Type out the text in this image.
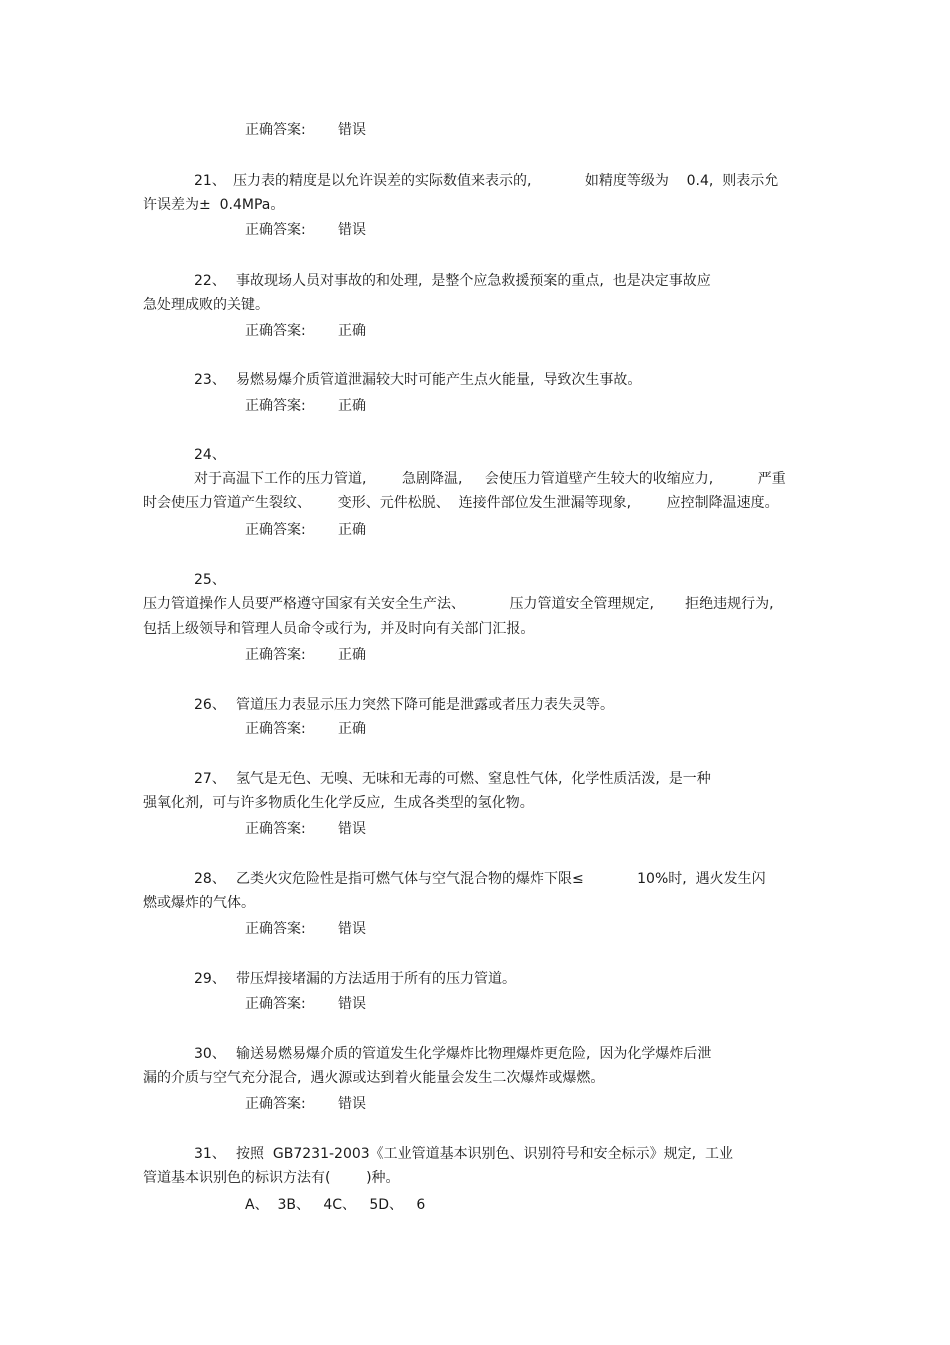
正确答案: 错误
21、 压力表的精度是以允许误差的实际数值来表示的,            如精度等级为    0.4,  则表示允
许误差为±  0.4MPa。
正确答案: 错误
22、 事故现场人员对事故的和处理,  是整个应急救援预案的重点,  也是决定事故应
急处理成败的关键。
正确答案: 正确
23、 易燃易爆介质管道泄漏较大时可能产生点火能量,  导致次生事故。
正确答案: 正确
24、
对于高温下工作的压力管道,        急剧降温,     会使压力管道壁产生较大的收缩应力,          严重
时会使压力管道产生裂纹、      变形、元件松脱、  连接件部位发生泄漏等现象,        应控制降温速度。
正确答案: 正确
25、
压力管道操作人员要严格遵守国家有关安全生产法、          压力管道安全管理规定,       拒绝违规行为,
包括上级领导和管理人员命令或行为,  并及时向有关部门汇报。
正确答案: 正确
26、 管道压力表显示压力突然下降可能是泄露或者压力表失灵等。
正确答案: 正确
27、 氢气是无色、无嗅、无味和无毒的可燃、窒息性气体,  化学性质活泼,  是一种
强氧化剂,  可与许多物质化生化学反应,  生成各类型的氢化物。
正确答案: 错误
28、 乙类火灾危险性是指可燃气体与空气混合物的爆炸下限≤            10%时,  遇火发生闪
燃或爆炸的气体。
正确答案: 错误
29、 带压焊接堵漏的方法适用于所有的压力管道。
正确答案: 错误
30、 输送易燃易爆介质的管道发生化学爆炸比物理爆炸更危险,  因为化学爆炸后泄
漏的介质与空气充分混合,  遇火源或达到着火能量会发生二次爆炸或爆燃。
正确答案: 错误
31、 按照  GB7231-2003《工业管道基本识别色、识别符号和安全标示》规定,  工业
管道基本识别色的标识方法有(        )种。
A、  3B、   4C、   5D、   6
